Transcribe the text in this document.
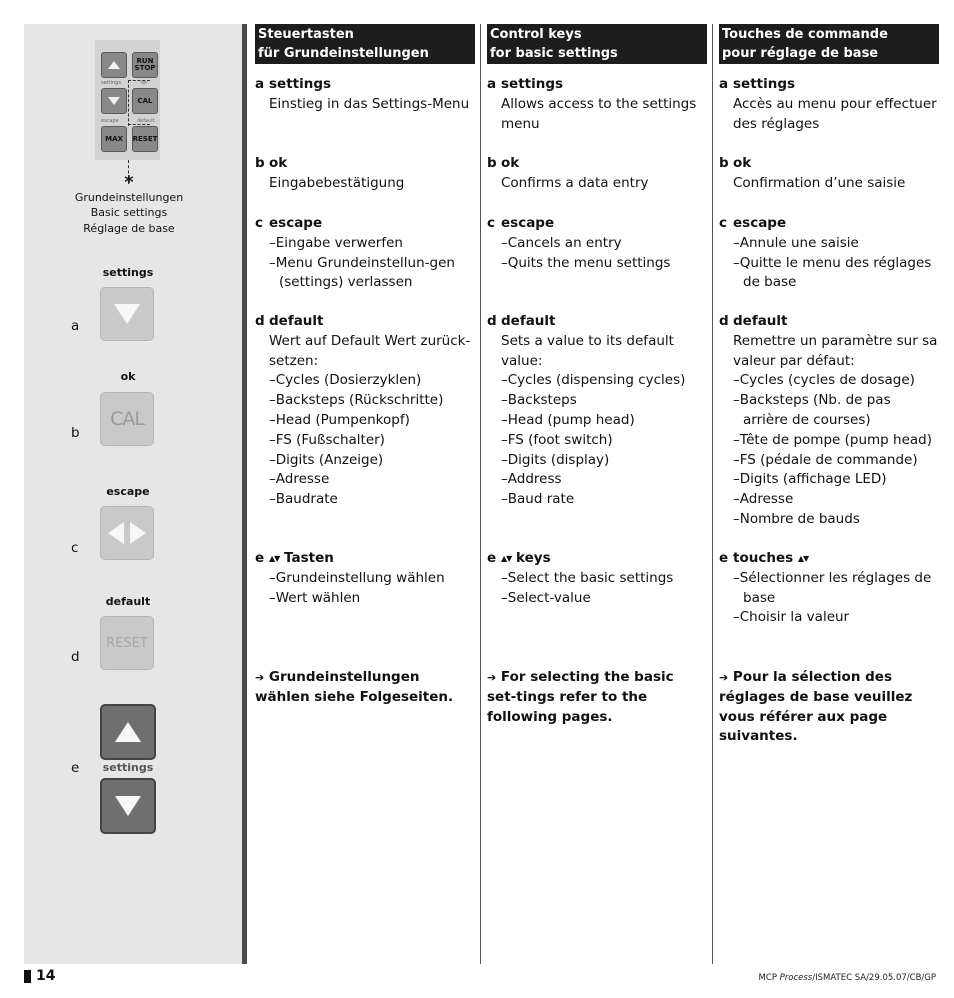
RUN STOP
settings	ok
CAL
escape	default
MAX RESET
*
Grundeinstellungen
Basic settings
Réglage de base
settings
a
ok
b
CAL
escape
c
default
d
RESET
e	settings
Steuertasten
für Grundeinstellungen
a settings
Einstieg in das Settings-Menu
b ok
Eingabebestätigung
c escape
–Eingabe verwerfen
–Menu Grundeinstellun-gen (settings) verlassen
d default
Wert auf Default Wert zurück-setzen:
–Cycles (Dosierzyklen)
–Backsteps (Rückschritte)
–Head (Pumpenkopf)
–FS (Fußschalter)
–Digits (Anzeige)
–Adresse
–Baudrate
e ▲▼ Tasten
–Grundeinstellung wählen
–Wert wählen
➔ Grundeinstellungen wählen siehe Folgeseiten.
Control keys
for basic settings
a settings
Allows access to the settings menu
b ok
Confirms a data entry
c escape
–Cancels an entry
–Quits the menu settings
d default
Sets a value to its default value:
–Cycles (dispensing cycles)
–Backsteps
–Head (pump head)
–FS (foot switch)
–Digits (display)
–Address
–Baud rate
e ▲▼ keys
–Select the basic settings
–Select-value
➔ For selecting the basic set-tings refer to the following pages.
Touches de commande
pour réglage de base
a settings
Accès au menu pour effectuer des réglages
b ok
Confirmation d’une saisie
c escape
–Annule une saisie
–Quitte le menu des réglages de base
d default
Remettre un paramètre sur sa valeur par défaut:
–Cycles (cycles de dosage)
–Backsteps (Nb. de pas arrière de courses)
–Tête de pompe (pump head)
–FS (pédale de commande)
–Digits (affichage LED)
–Adresse
–Nombre de bauds
e touches ▲▼
–Sélectionner les réglages de base
–Choisir la valeur
➔ Pour la sélection des réglages de base veuillez vous référer aux page suivantes.
14	MCP Process/ISMATEC SA/29.05.07/CB/GP
